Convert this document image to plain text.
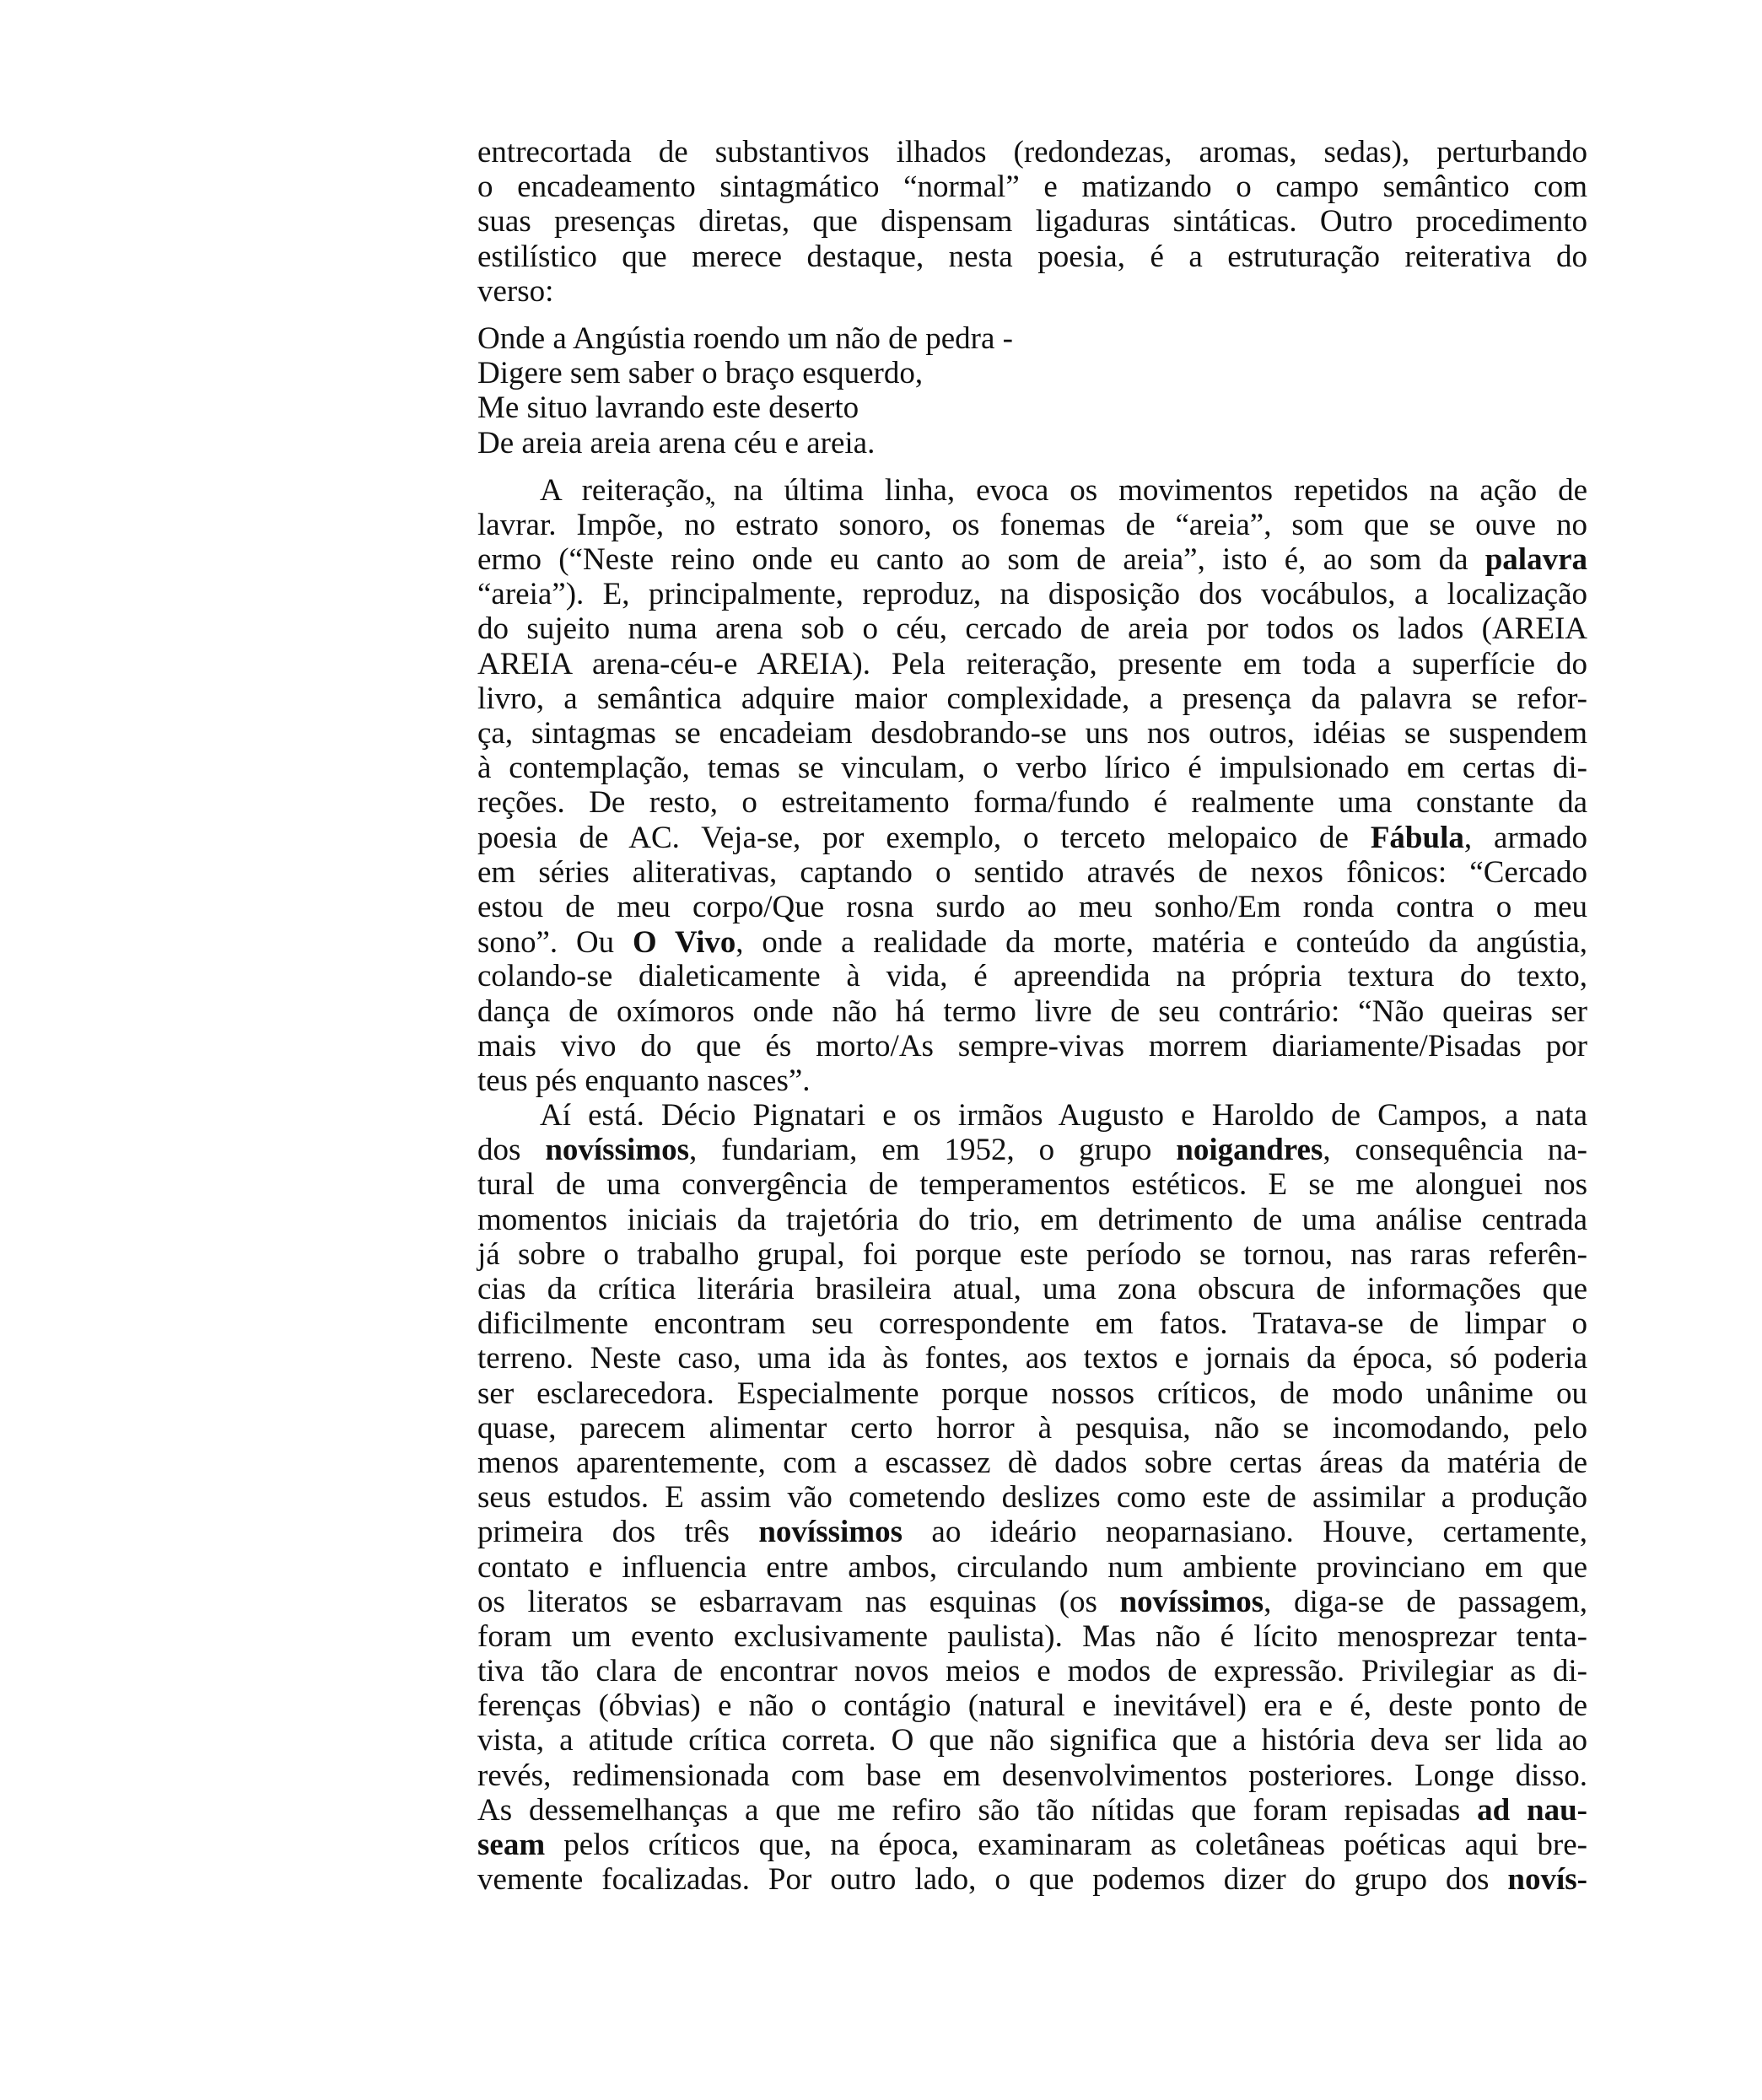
entrecortada de substantivos ilhados (redondezas, aromas, sedas), perturbando
o encadeamento sintagmático “normal” e matizando o campo semântico com
suas presenças diretas, que dispensam ligaduras sintáticas. Outro procedimento
estilístico que merece destaque, nesta poesia, é a estruturação reiterativa do
verso:
Onde a Angústia roendo um não de pedra -
Digere sem saber o braço esquerdo,
Me situo lavrando este deserto
De areia areia arena céu e areia.
A reiteração,̦ na última linha, evoca os movimentos repetidos na ação de
lavrar. Impõe, no estrato sonoro, os fonemas de “areia”, som que se ouve no
ermo (“Neste reino onde eu canto ao som de areia”, isto é, ao som da palavra
“areia”). E, principalmente, reproduz, na disposição dos vocábulos, a localização
do sujeito numa arena sob o céu, cercado de areia por todos os lados (AREIA
AREIA arena-céu-e AREIA). Pela reiteração, presente em toda a superfície do
livro, a semântica adquire maior complexidade, a presença da palavra se refor-
ça, sintagmas se encadeiam desdobrando-se uns nos outros, idéias se suspendem
à contemplação, temas se vinculam, o verbo lírico é impulsionado em certas di-
reções. De resto, o estreitamento forma/fundo é realmente uma constante da
poesia de AC. Veja-se, por exemplo, o terceto melopaico de Fábula, armado
em séries aliterativas, captando o sentido através de nexos fônicos: “Cercado
estou de meu corpo/Que rosna surdo ao meu sonho/Em ronda contra o meu
sono”. Ou O Vivo, onde a realidade da morte, matéria e conteúdo da angústia,
colando-se dialeticamente à vida, é apreendida na própria textura do texto,
dança de oxímoros onde não há termo livre de seu contrário: “Não queiras ser
mais vivo do que és morto/As sempre-vivas morrem diariamente/Pisadas por
teus pés enquanto nasces”.
Aí está. Décio Pignatari e os irmãos Augusto e Haroldo de Campos, a nata
dos novíssimos, fundariam, em 1952, o grupo noigandres, consequência na-
tural de uma convergência de temperamentos estéticos. E se me alonguei nos
momentos iniciais da trajetória do trio, em detrimento de uma análise centrada
já sobre o trabalho grupal, foi porque este período se tornou, nas raras referên-
cias da crítica literária brasileira atual, uma zona obscura de informações que
dificilmente encontram seu correspondente em fatos. Tratava-se de limpar o
terreno. Neste caso, uma ida às fontes, aos textos e jornais da época, só poderia
ser esclarecedora. Especialmente porque nossos críticos, de modo unânime ou
quase, parecem alimentar certo horror à pesquisa, não se incomodando, pelo
menos aparentemente, com a escassez dè dados sobre certas áreas da matéria de
seus estudos. E assim vão cometendo deslizes como este de assimilar a produção
primeira dos três novíssimos ao ideário neoparnasiano. Houve, certamente,
contato e influencia entre ambos, circulando num ambiente provinciano em que
os literatos se esbarravam nas esquinas (os novíssimos, diga-se de passagem,
foram um evento exclusivamente paulista). Mas não é lícito menosprezar tenta-
tiva tão clara de encontrar novos meios e modos de expressão. Privilegiar as di-
ferenças (óbvias) e não o contágio (natural e inevitável) era e é, deste ponto de
vista, a atitude crítica correta. O que não significa que a história deva ser lida ao
revés, redimensionada com base em desenvolvimentos posteriores. Longe disso.
As dessemelhanças a que me refiro são tão nítidas que foram repisadas ad nau-
seam pelos críticos que, na época, examinaram as coletâneas poéticas aqui bre-
vemente focalizadas. Por outro lado, o que podemos dizer do grupo dos novís-
